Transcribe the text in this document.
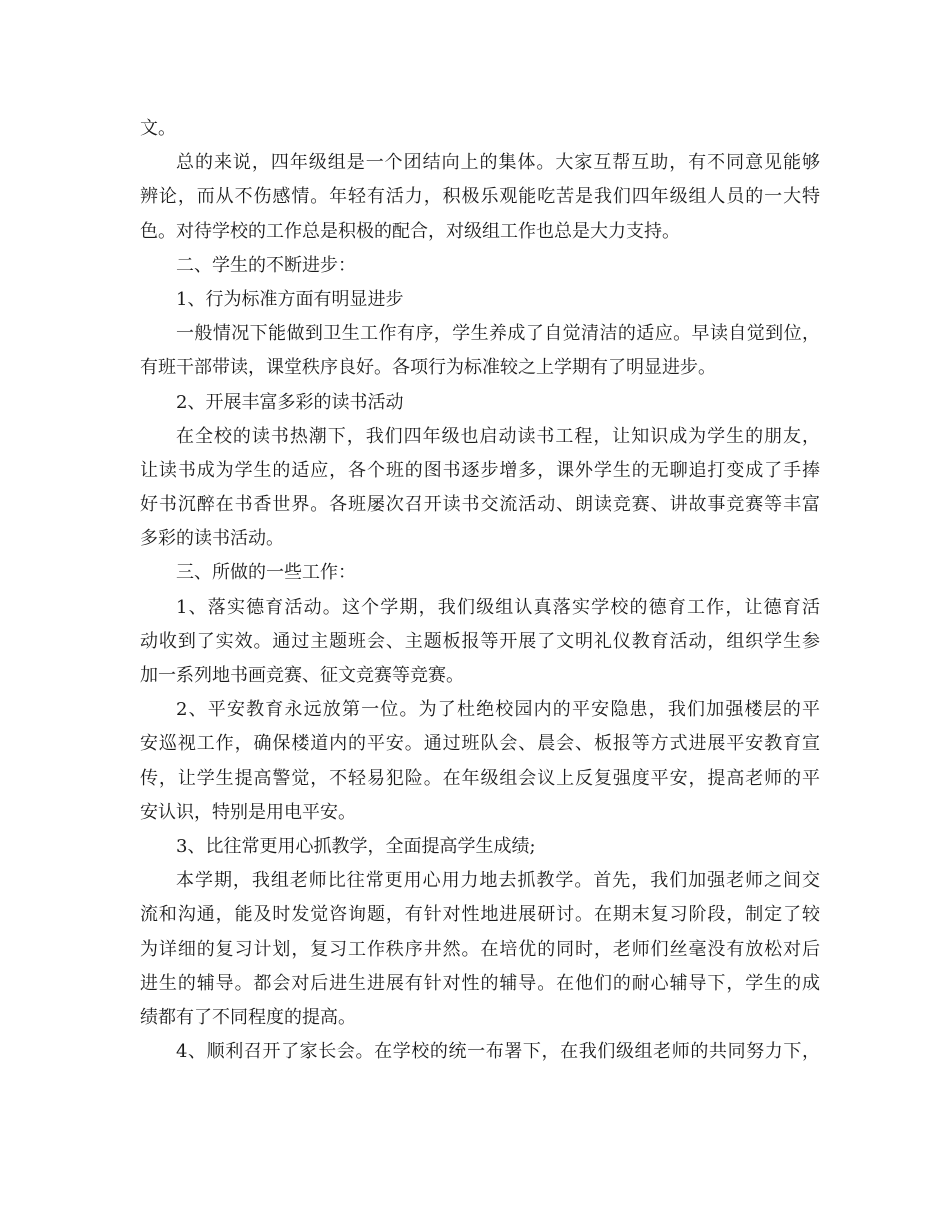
文。
总的来说，四年级组是一个团结向上的集体。大家互帮互助，有不同意见能够
辨论，而从不伤感情。年轻有活力，积极乐观能吃苦是我们四年级组人员的一大特
色。对待学校的工作总是积极的配合，对级组工作也总是大力支持。
二、学生的不断进步：
1、行为标准方面有明显进步
一般情况下能做到卫生工作有序，学生养成了自觉清洁的适应。早读自觉到位，
有班干部带读，课堂秩序良好。各项行为标准较之上学期有了明显进步。
2、开展丰富多彩的读书活动
在全校的读书热潮下，我们四年级也启动读书工程，让知识成为学生的朋友，
让读书成为学生的适应，各个班的图书逐步增多，课外学生的无聊追打变成了手捧
好书沉醉在书香世界。各班屡次召开读书交流活动、朗读竞赛、讲故事竞赛等丰富
多彩的读书活动。
三、所做的一些工作：
1、落实德育活动。这个学期，我们级组认真落实学校的德育工作，让德育活
动收到了实效。通过主题班会、主题板报等开展了文明礼仪教育活动，组织学生参
加一系列地书画竞赛、征文竞赛等竞赛。
2、平安教育永远放第一位。为了杜绝校园内的平安隐患，我们加强楼层的平
安巡视工作，确保楼道内的平安。通过班队会、晨会、板报等方式进展平安教育宣
传，让学生提高警觉，不轻易犯险。在年级组会议上反复强度平安，提高老师的平
安认识，特别是用电平安。
3、比往常更用心抓教学，全面提高学生成绩;
本学期，我组老师比往常更用心用力地去抓教学。首先，我们加强老师之间交
流和沟通，能及时发觉咨询题，有针对性地进展研讨。在期末复习阶段，制定了较
为详细的复习计划，复习工作秩序井然。在培优的同时，老师们丝毫没有放松对后
进生的辅导。都会对后进生进展有针对性的辅导。在他们的耐心辅导下，学生的成
绩都有了不同程度的提高。
4、顺利召开了家长会。在学校的统一布署下，在我们级组老师的共同努力下，
